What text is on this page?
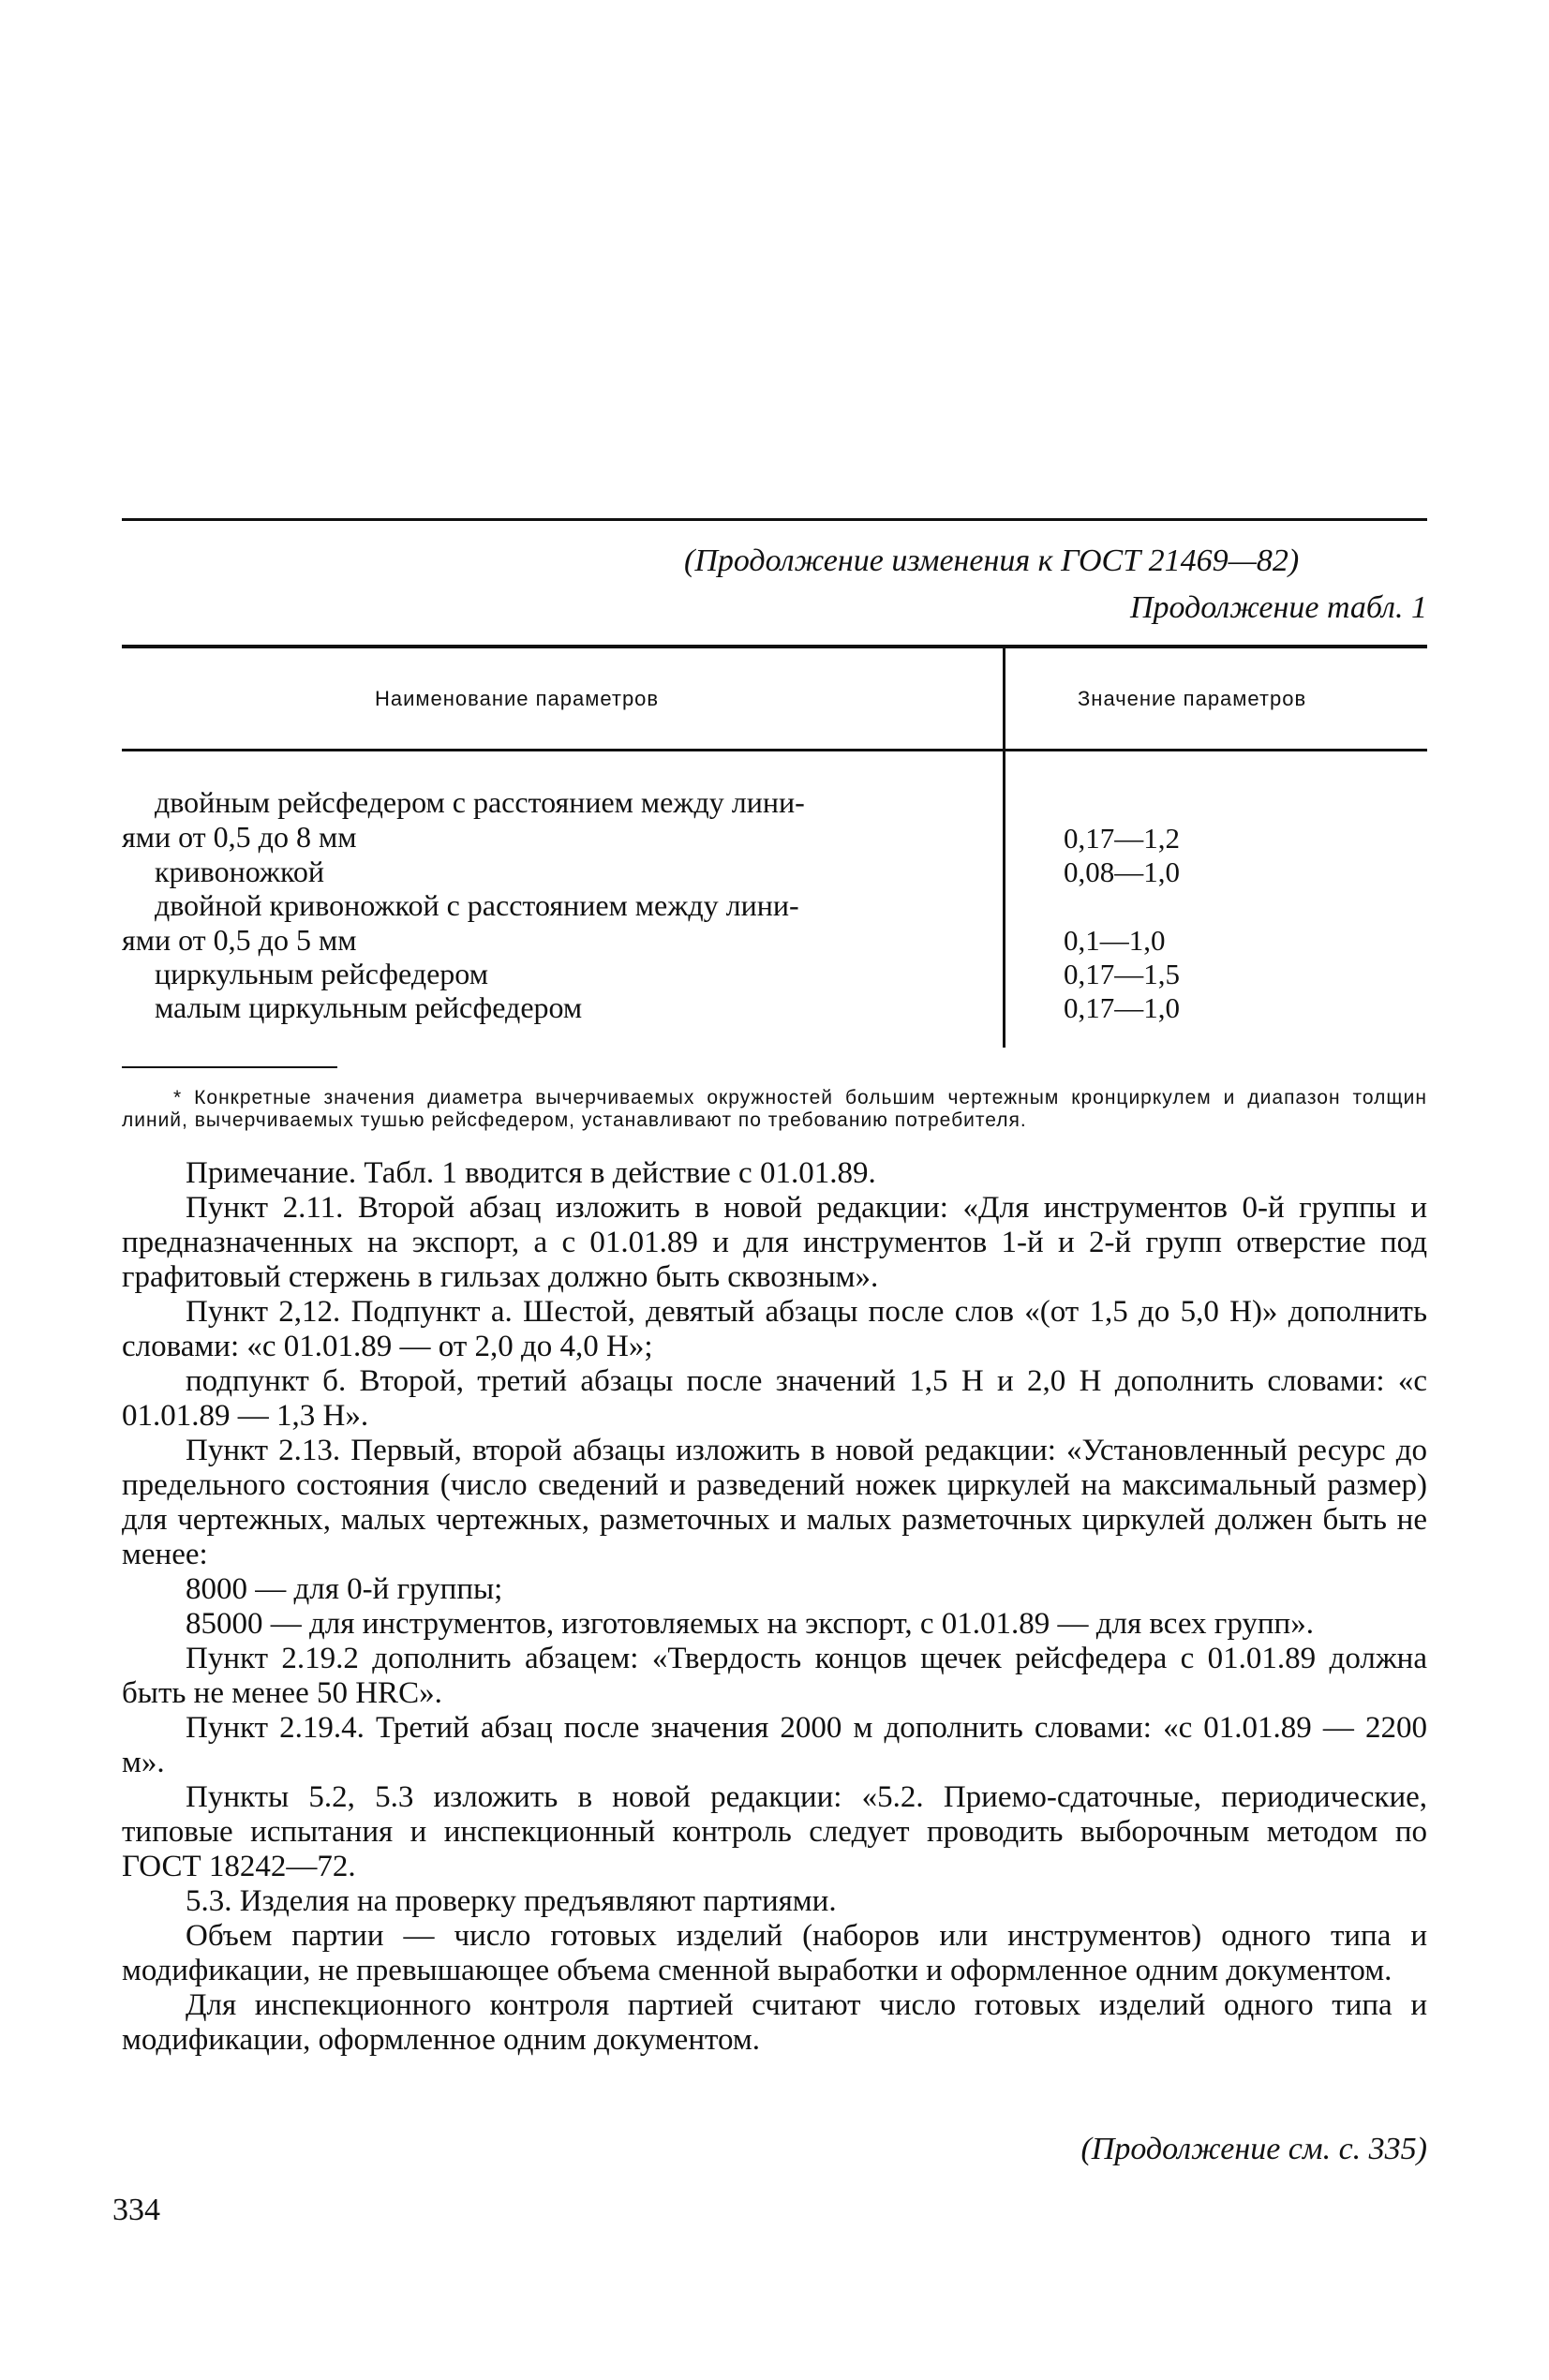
(Продолжение изменения к ГОСТ 21469—82)
Продолжение табл. 1
Наименование параметров	Значение параметров
двойным рейсфедером с расстоянием между лини-
ями от 0,5 до 8 мм	0,17—1,2
кривоножкой	0,08—1,0
двойной кривоножкой с расстоянием между лини-
ями от 0,5 до 5 мм	0,1—1,0
циркульным рейсфедером	0,17—1,5
малым циркульным рейсфедером	0,17—1,0
* Конкретные значения диаметра вычерчиваемых окружностей большим чертежным кронциркулем и диапазон толщин линий, вычерчиваемых тушью рейсфедером, устанавливают по требованию потребителя.

Примечание. Табл. 1 вводится в действие с 01.01.89.

Пункт 2.11. Второй абзац изложить в новой редакции: «Для инструментов 0-й группы и предназначенных на экспорт, а с 01.01.89 и для инструментов 1-й и 2-й групп отверстие под графитовый стержень в гильзах должно быть сквозным».

Пункт 2,12. Подпункт а. Шестой, девятый абзацы после слов «(от 1,5 до 5,0 Н)» дополнить словами: «с 01.01.89 — от 2,0 до 4,0 Н»;

подпункт б. Второй, третий абзацы после значений 1,5 Н и 2,0 Н дополнить словами: «с 01.01.89 — 1,3 Н».

Пункт 2.13. Первый, второй абзацы изложить в новой редакции: «Установленный ресурс до предельного состояния (число сведений и разведений ножек циркулей на максимальный размер) для чертежных, малых чертежных, разметочных и малых разметочных циркулей должен быть не менее:

8000 — для 0-й группы;

85000 — для инструментов, изготовляемых на экспорт, с 01.01.89 — для всех групп».

Пункт 2.19.2 дополнить абзацем: «Твердость концов щечек рейсфедера с 01.01.89 должна быть не менее 50 HRC».

Пункт 2.19.4. Третий абзац после значения 2000 м дополнить словами: «с 01.01.89 — 2200 м».

Пункты 5.2, 5.3 изложить в новой редакции: «5.2. Приемо-сдаточные, периодические, типовые испытания и инспекционный контроль следует проводить выборочным методом по ГОСТ 18242—72.

5.3. Изделия на проверку предъявляют партиями.

Объем партии — число готовых изделий (наборов или инструментов) одного типа и модификации, не превышающее объема сменной выработки и оформленное одним документом.

Для инспекционного контроля партией считают число готовых изделий одного типа и модификации, оформленное одним документом.

(Продолжение см. с. 335)
334
